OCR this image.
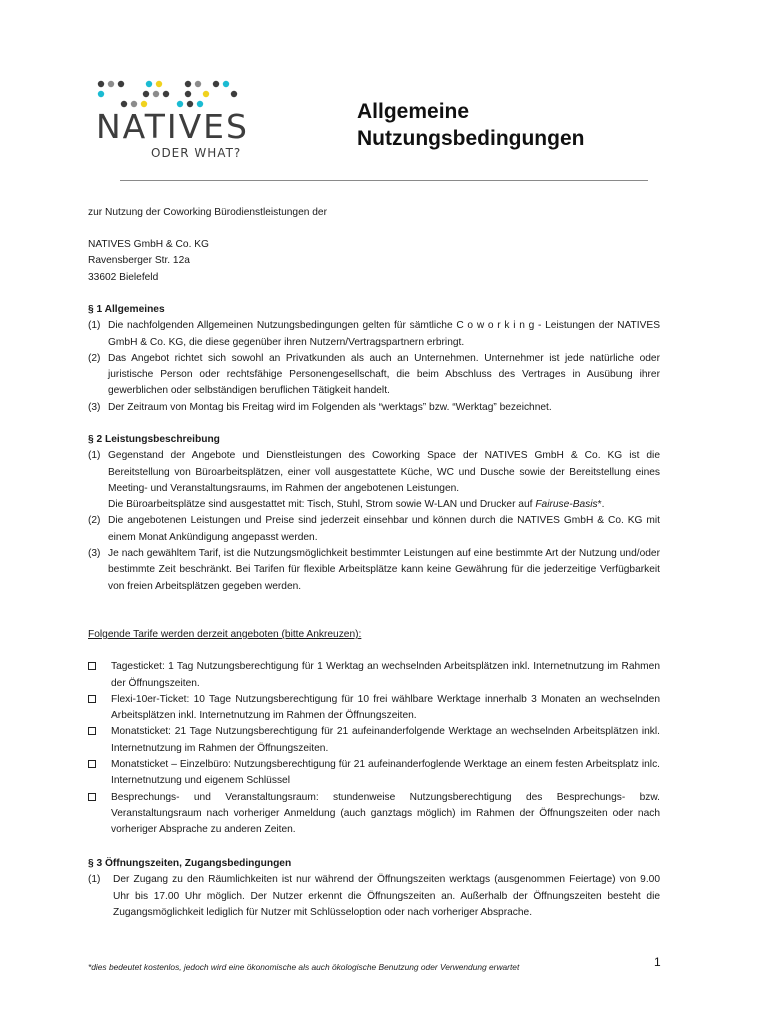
NATIVES
ODER WHAT?
Allgemeine
Nutzungsbedingungen
zur Nutzung der Coworking Bürodienstleistungen der
NATIVES GmbH & Co. KG
Ravensberger Str. 12a
33602 Bielefeld
§ 1 Allgemeines
(1) Die nachfolgenden Allgemeinen Nutzungsbedingungen gelten für sämtliche C o w o r k i n g - Leistungen der NATIVES GmbH & Co. KG, die diese gegenüber ihren Nutzern/Vertragspartnern erbringt.
(2) Das Angebot richtet sich sowohl an Privatkunden als auch an Unternehmen. Unternehmer ist jede natürliche oder juristische Person oder rechtsfähige Personengesellschaft, die beim Abschluss des Vertrages in Ausübung ihrer gewerblichen oder selbständigen beruflichen Tätigkeit handelt.
(3) Der Zeitraum von Montag bis Freitag wird im Folgenden als “werktags” bzw. “Werktag” bezeichnet.
§ 2 Leistungsbeschreibung
(1) Gegenstand der Angebote und Dienstleistungen des Coworking Space der NATIVES GmbH & Co. KG ist die Bereitstellung von Büroarbeitsplätzen, einer voll ausgestattete Küche, WC und Dusche sowie der Bereitstellung eines Meeting- und Veranstaltungsraums, im Rahmen der angebotenen Leistungen.
Die Büroarbeitsplätze sind ausgestattet mit: Tisch, Stuhl, Strom sowie W-LAN und Drucker auf Fairuse-Basis*.
(2) Die angebotenen Leistungen und Preise sind jederzeit einsehbar und können durch die NATIVES GmbH & Co. KG mit einem Monat Ankündigung angepasst werden.
(3) Je nach gewähltem Tarif, ist die Nutzungsmöglichkeit bestimmter Leistungen auf eine bestimmte Art der Nutzung und/oder bestimmte Zeit beschränkt. Bei Tarifen für flexible Arbeitsplätze kann keine Gewährung für die jederzeitige Verfügbarkeit von freien Arbeitsplätzen gegeben werden.
Folgende Tarife werden derzeit angeboten (bitte Ankreuzen):
Tagesticket: 1 Tag Nutzungsberechtigung für 1 Werktag an wechselnden Arbeitsplätzen inkl. Internetnutzung im Rahmen der Öffnungszeiten.
Flexi-10er-Ticket: 10 Tage Nutzungsberechtigung für 10 frei wählbare Werktage innerhalb 3 Monaten an wechselnden Arbeitsplätzen inkl. Internetnutzung im Rahmen der Öffnungszeiten.
Monatsticket: 21 Tage Nutzungsberechtigung für 21 aufeinanderfolgende Werktage an wechselnden Arbeitsplätzen inkl. Internetnutzung im Rahmen der Öffnungszeiten.
Monatsticket – Einzelbüro: Nutzungsberechtigung für 21 aufeinanderfoglende Werktage an einem festen Arbeitsplatz inlc. Internetnutzung und eigenem Schlüssel
Besprechungs- und Veranstaltungsraum: stundenweise Nutzungsberechtigung des Besprechungs- bzw. Veranstaltungsraum nach vorheriger Anmeldung (auch ganztags möglich) im Rahmen der Öffnungszeiten oder nach vorheriger Absprache zu anderen Zeiten.
§ 3 Öffnungszeiten, Zugangsbedingungen
(1) Der Zugang zu den Räumlichkeiten ist nur während der Öffnungszeiten werktags (ausgenommen Feiertage) von 9.00 Uhr bis 17.00 Uhr möglich. Der Nutzer erkennt die Öffnungszeiten an. Außerhalb der Öffnungszeiten besteht die Zugangsmöglichkeit lediglich für Nutzer mit Schlüsseloption oder nach vorheriger Absprache.
*dies bedeutet kostenlos, jedoch wird eine ökonomische als auch ökologische Benutzung oder Verwendung erwartet	1
